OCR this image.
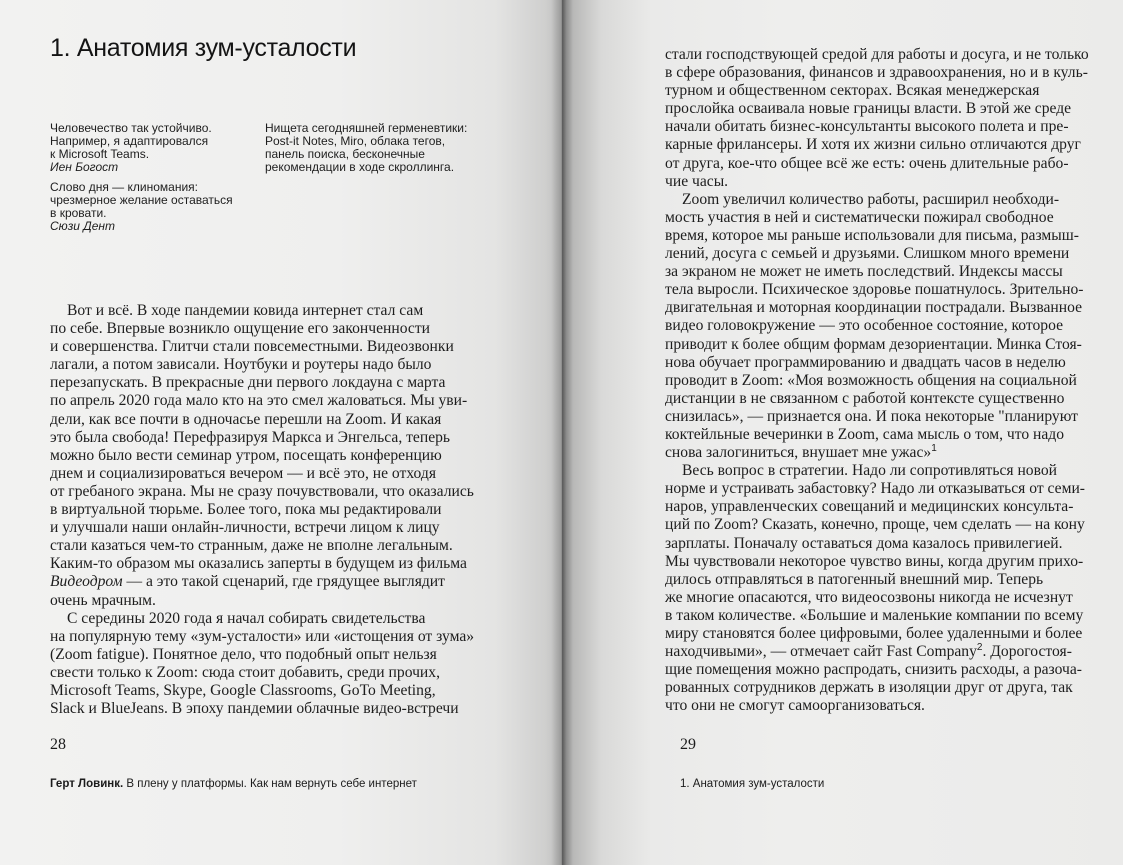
1. Анатомия зум-усталости

Человечество так устойчиво.

Например, я адаптировался

к Microsoft Teams.

Иен Богост

Нищета сегодняшней герменевтики:

Post-it Notes, Miro, облака тегов,

панель поиска, бесконечные

рекомендации в ходе скроллинга.

Слово дня — клиномания:

чрезмерное желание оставаться

в кровати.

Сюзи Дент

Вот и всё. В ходе пандемии ковида интернет стал сам
по себе. Впервые возникло ощущение его законченности
и совершенства. Глитчи стали повсеместными. Видеозвонки
лагали, а потом зависали. Ноутбуки и роутеры надо было
перезапускать. В прекрасные дни первого локдауна с марта
по апрель 2020 года мало кто на это смел жаловаться. Мы уви-
дели, как все почти в одночасье перешли на Zoom. И какая
это была свобода! Перефразируя Маркса и Энгельса, теперь
можно было вести семинар утром, посещать конференцию
днем и социализироваться вечером — и всё это, не отходя
от гребаного экрана. Мы не сразу почувствовали, что оказались
в виртуальной тюрьме. Более того, пока мы редактировали
и улучшали наши онлайн-личности, встречи лицом к лицу
стали казаться чем-то странным, даже не вполне легальным.
Каким-то образом мы оказались заперты в будущем из фильма
Видеодром — а это такой сценарий, где грядущее выглядит
очень мрачным.
С середины 2020 года я начал собирать свидетельства
на популярную тему «зум-усталости» или «истощения от зума»
(Zoom fatigue). Понятное дело, что подобный опыт нельзя
свести только к Zoom: сюда стоит добавить, среди прочих,
Microsoft Teams, Skype, Google Classrooms, GoTo Meeting,
Slack и BlueJeans. В эпоху пандемии облачные видео-встречи
28
Герт Ловинк. В плену у платформы. Как нам вернуть себе интернет
стали господствующей средой для работы и досуга, и не только
в сфере образования, финансов и здравоохранения, но и в куль-
турном и общественном секторах. Всякая менеджерская
прослойка осваивала новые границы власти. В этой же среде
начали обитать бизнес-консультанты высокого полета и пре-
карные фрилансеры. И хотя их жизни сильно отличаются друг
от друга, кое-что общее всё же есть: очень длительные рабо-
чие часы.
Zoom увеличил количество работы, расширил необходи-
мость участия в ней и систематически пожирал свободное
время, которое мы раньше использовали для письма, размыш-
лений, досуга с семьей и друзьями. Слишком много времени
за экраном не может не иметь последствий. Индексы массы
тела выросли. Психическое здоровье пошатнулось. Зрительно-
двигательная и моторная координации пострадали. Вызванное
видео головокружение — это особенное состояние, которое
приводит к более общим формам дезориентации. Минка Стоя-
нова обучает программированию и двадцать часов в неделю
проводит в Zoom: «Моя возможность общения на социальной
дистанции в не связанном с работой контексте существенно
снизилась», — признается она. И пока некоторые "планируют
коктейльные вечеринки в Zoom, сама мысль о том, что надо
снова залогиниться, внушает мне ужас»$^1$
Весь вопрос в стратегии. Надо ли сопротивляться новой
норме и устраивать забастовку? Надо ли отказываться от семи-
наров, управленческих совещаний и медицинских консульта-
ций по Zoom? Сказать, конечно, проще, чем сделать — на кону
зарплаты. Поначалу оставаться дома казалось привилегией.
Мы чувствовали некоторое чувство вины, когда другим прихо-
дилось отправляться в патогенный внешний мир. Теперь
же многие опасаются, что видеосозвоны никогда не исчезнут
в таком количестве. «Большие и маленькие компании по всему
миру становятся более цифровыми, более удаленными и более
находчивыми», — отмечает сайт Fast Company$^2$. Дорогостоя-
щие помещения можно распродать, снизить расходы, а разоча-
рованных сотрудников держать в изоляции друг от друга, так
что они не смогут самоорганизоваться.
29
1. Анатомия зум-усталости
